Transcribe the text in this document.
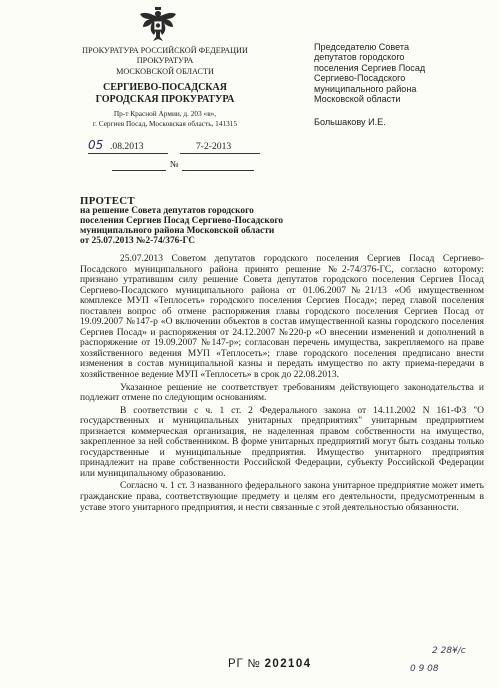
ПРОКУРАТУРА РОССИЙСКОЙ ФЕДЕРАЦИИ
ПРОКУРАТУРА
МОСКОВСКОЙ ОБЛАСТИ
СЕРГИЕВО-ПОСАДСКАЯ
ГОРОДСКАЯ ПРОКУРАТУРА
Пр-т Красной Армии, д. 203 «в»,
г. Сергиев Посад, Московская область, 141315
05 .08.2013	7-2-2013
№
Председателю Совета
депутатов городского
поселения Сергиев Посад
Сергиево-Посадского
муниципального района
Московской области
Большакову И.Е.
ПРОТЕСТ
на решение Совета депутатов городского
поселения Сергиев Посад Сергиево-Посадского
муниципального района Московской области
от 25.07.2013 №2-74/376-ГС

25.07.2013 Советом депутатов городского поселения Сергиев Посад Сергиево-Посадского муниципального района принято решение №2-74/376-ГС, согласно которому: признано утратившим силу решение Совета депутатов городского поселения Сергиев Посад Сергиево-Посадского муниципального района от 01.06.2007№21/13 «Об имущественном комплексе МУП «Теплосеть» городского поселения Сергиев Посад»; перед главой поселения поставлен вопрос об отмене распоряжения главы городского поселения Сергиев Посад от 19.09.2007 №147-р «О включении объектов в состав имущественной казны городского поселения Сергиев Посад» и распоряжения от 24.12.2007 №220-р «О внесении изменений и дополнений в распоряжение от 19.09.2007 №147-р»; согласован перечень имущества, закрепляемого на праве хозяйственного ведения МУП «Теплосеть»; главе городского поселения предписано внести изменения в состав муниципальной казны и передать имущество по акту приема-передачи в хозяйственное ведение МУП «Теплосеть» в срок до 22.08.2013.

Указанное решение не соответствует требованиям действующего законодательства и подлежит отмене по следующим основаниям.

В соответствии с ч. 1 ст. 2 Федерального закона от 14.11.2002 N 161-ФЗ "О государственных и муниципальных унитарных предприятиях" унитарным предприятием признается коммерческая организация, не наделенная правом собственности на имущество, закрепленное за ней собственником. В форме унитарных предприятий могут быть созданы только государственные и муниципальные предприятия. Имущество унитарного предприятия принадлежит на праве собственности Российской Федерации, субъекту Российской Федерации или муниципальному образованию.

Согласно ч. 1 ст. 3 названного федерального закона унитарное предприятие может иметь гражданские права, соответствующие предмету и целям его деятельности, предусмотренным в уставе этого унитарного предприятия, и нести связанные с этой деятельностью обязанности.

РГ № 202104
2 28¥/с
0 9 08
